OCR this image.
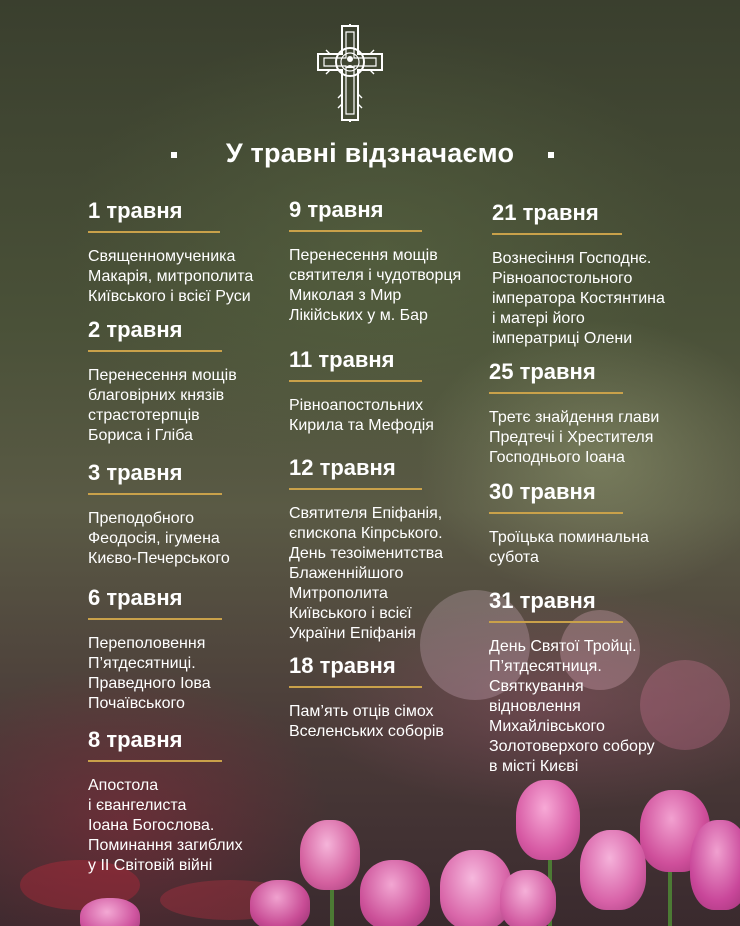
У травні відзначаємо
1 травня

Священномученика
Макарія, митрополита
Київського і всієї Руси

2 травня

Перенесення мощів
благовірних князів
страстотерпців
Бориса і Гліба

3 травня

Преподобного
Феодосія, ігумена
Києво-Печерського

6 травня

Переполовення
П’ятдесятниці.
Праведного Іова
Почаївського

8 травня

Апостола
і євангелиста
Іоана Богослова.
Поминання загиблих
у ІІ Світовій війні

9 травня

Перенесення мощів
святителя і чудотворця
Миколая з Мир
Лікійських у м. Бар

11 травня

Рівноапостольних
Кирила та Мефодія

12 травня

Святителя Епіфанія,
єпископа Кіпрського.
День тезоіменитства
Блаженнійшого
Митрополита
Київського і всієї
України Епіфанія

18 травня

Пам’ять отців сімох
Вселенських соборів

21 травня

Вознесіння Господнє.
Рівноапостольного
імператора Костянтина
і матері його
імператриці Олени

25 травня

Третє знайдення глави
Предтечі і Хрестителя
Господнього Іоана

30 травня

Троїцька поминальна
субота

31 травня

День Святої Тройці.
П’ятдесятниця.
Святкування
відновлення
Михайлівського
Золотоверхого собору
в місті Києві
